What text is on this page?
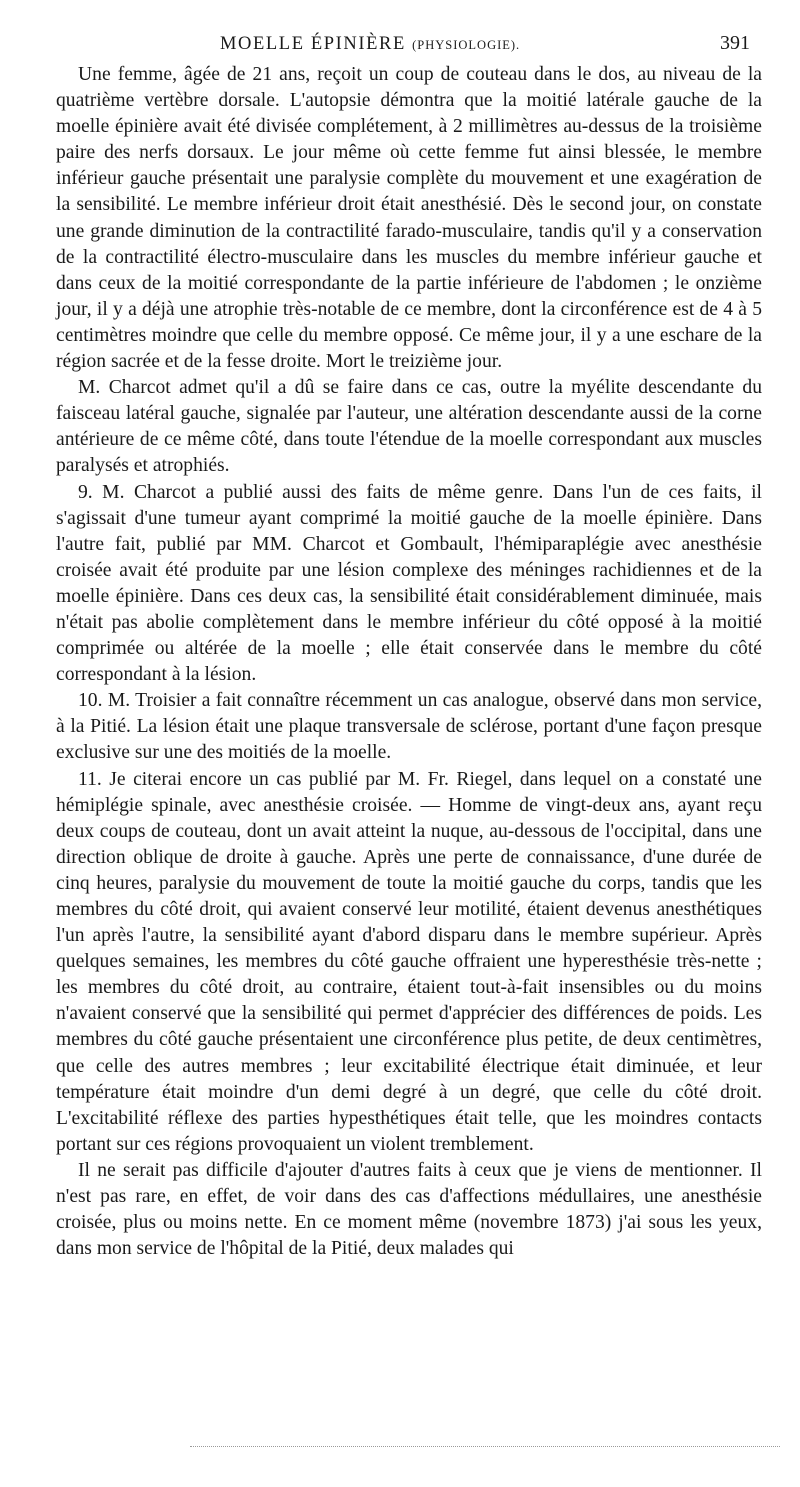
MOELLE ÉPINIÈRE (PHYSIOLOGIE).	391

Une femme, âgée de 21 ans, reçoit un coup de couteau dans le dos, au niveau de la quatrième vertèbre dorsale. L'autopsie démontra que la moitié latérale gauche de la moelle épinière avait été divisée complétement, à 2 millimètres au-dessus de la troisième paire des nerfs dorsaux. Le jour même où cette femme fut ainsi blessée, le membre inférieur gauche présentait une paralysie complète du mouvement et une exagération de la sensibilité. Le membre inférieur droit était anesthésié. Dès le second jour, on constate une grande diminution de la contractilité farado-musculaire, tandis qu'il y a conservation de la contractilité électro-musculaire dans les muscles du membre inférieur gauche et dans ceux de la moitié correspondante de la partie inférieure de l'abdomen ; le onzième jour, il y a déjà une atrophie très-notable de ce membre, dont la circonférence est de 4 à 5 centimètres moindre que celle du membre opposé. Ce même jour, il y a une eschare de la région sacrée et de la fesse droite. Mort le treizième jour.

M. Charcot admet qu'il a dû se faire dans ce cas, outre la myélite descendante du faisceau latéral gauche, signalée par l'auteur, une altération descendante aussi de la corne antérieure de ce même côté, dans toute l'étendue de la moelle correspondant aux muscles paralysés et atrophiés.

9. M. Charcot a publié aussi des faits de même genre. Dans l'un de ces faits, il s'agissait d'une tumeur ayant comprimé la moitié gauche de la moelle épinière. Dans l'autre fait, publié par MM. Charcot et Gombault, l'hémiparaplégie avec anesthésie croisée avait été produite par une lésion complexe des méninges rachidiennes et de la moelle épinière. Dans ces deux cas, la sensibilité était considérablement diminuée, mais n'était pas abolie complètement dans le membre inférieur du côté opposé à la moitié comprimée ou altérée de la moelle ; elle était conservée dans le membre du côté correspondant à la lésion.

10. M. Troisier a fait connaître récemment un cas analogue, observé dans mon service, à la Pitié. La lésion était une plaque transversale de sclérose, portant d'une façon presque exclusive sur une des moitiés de la moelle.

11. Je citerai encore un cas publié par M. Fr. Riegel, dans lequel on a constaté une hémiplégie spinale, avec anesthésie croisée. — Homme de vingt-deux ans, ayant reçu deux coups de couteau, dont un avait atteint la nuque, au-dessous de l'occipital, dans une direction oblique de droite à gauche. Après une perte de connaissance, d'une durée de cinq heures, paralysie du mouvement de toute la moitié gauche du corps, tandis que les membres du côté droit, qui avaient conservé leur motilité, étaient devenus anesthétiques l'un après l'autre, la sensibilité ayant d'abord disparu dans le membre supérieur. Après quelques semaines, les membres du côté gauche offraient une hyperesthésie très-nette ; les membres du côté droit, au contraire, étaient tout-à-fait insensibles ou du moins n'avaient conservé que la sensibilité qui permet d'apprécier des différences de poids. Les membres du côté gauche présentaient une circonférence plus petite, de deux centimètres, que celle des autres membres ; leur excitabilité électrique était diminuée, et leur température était moindre d'un demi degré à un degré, que celle du côté droit. L'excitabilité réflexe des parties hypesthétiques était telle, que les moindres contacts portant sur ces régions provoquaient un violent tremblement.

Il ne serait pas difficile d'ajouter d'autres faits à ceux que je viens de mentionner. Il n'est pas rare, en effet, de voir dans des cas d'affections médullaires, une anesthésie croisée, plus ou moins nette. En ce moment même (novembre 1873) j'ai sous les yeux, dans mon service de l'hôpital de la Pitié, deux malades qui
